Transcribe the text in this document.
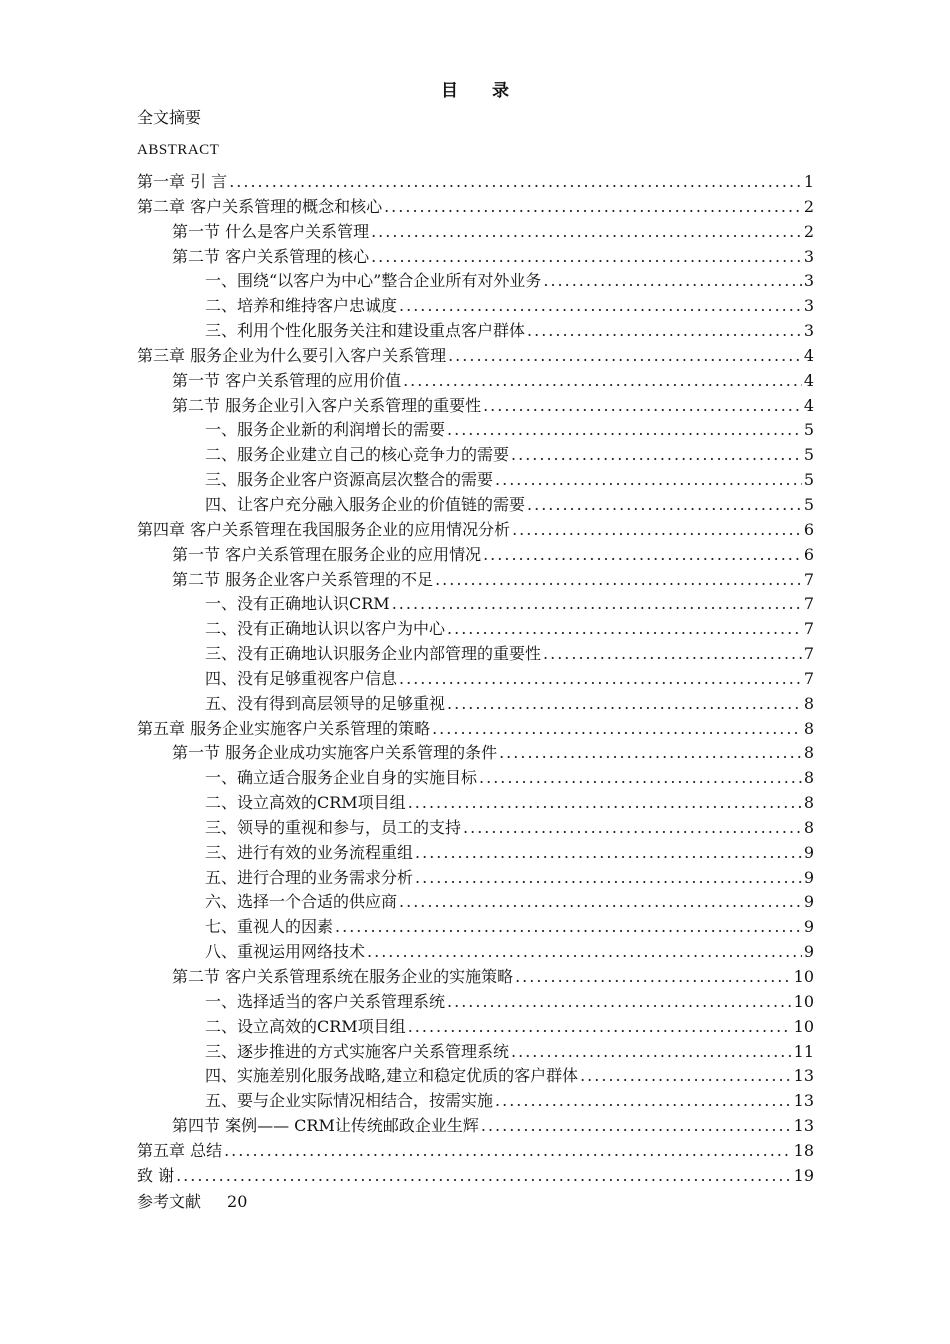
目 录
全文摘要
ABSTRACT
第一章 引 言 .....	1
第二章 客户关系管理的概念和核心 .....	2
第一节 什么是客户关系管理 .....	2
第二节 客户关系管理的核心 .....	3
一、围绕“以客户为中心”整合企业所有对外业务 .....	3
二、培养和维持客户忠诚度 .....	3
三、利用个性化服务关注和建设重点客户群体 .....	3
第三章 服务企业为什么要引入客户关系管理 .....	4
第一节 客户关系管理的应用价值 .....	4
第二节 服务企业引入客户关系管理的重要性 .....	4
一、服务企业新的利润增长的需要 .....	5
二、服务企业建立自己的核心竞争力的需要 .....	5
三、服务企业客户资源高层次整合的需要 .....	5
四、让客户充分融入服务企业的价值链的需要 .....	5
第四章 客户关系管理在我国服务企业的应用情况分析 .....	6
第一节 客户关系管理在服务企业的应用情况 .....	6
第二节 服务企业客户关系管理的不足 .....	7
一、没有正确地认识CRM .....	7
二、没有正确地认识以客户为中心 .....	7
三、没有正确地认识服务企业内部管理的重要性 .....	7
四、没有足够重视客户信息 .....	7
五、没有得到高层领导的足够重视 .....	8
第五章 服务企业实施客户关系管理的策略 .....	8
第一节 服务企业成功实施客户关系管理的条件 .....	8
一、确立适合服务企业自身的实施目标 .....	8
二、设立高效的CRM项目组 .....	8
三、领导的重视和参与，员工的支持 .....	8
三、进行有效的业务流程重组 .....	9
五、进行合理的业务需求分析 .....	9
六、选择一个合适的供应商 .....	9
七、重视人的因素 .....	9
八、重视运用网络技术 .....	9
第二节 客户关系管理系统在服务企业的实施策略 .....	10
一、选择适当的客户关系管理系统 .....	10
二、设立高效的CRM项目组 .....	10
三、逐步推进的方式实施客户关系管理系统 .....	11
四、实施差别化服务战略,建立和稳定优质的客户群体 .....	13
五、要与企业实际情况相结合，按需实施 .....	13
第四节 案例—— CRM让传统邮政企业生辉 .....	13
第五章 总结 .....	18
致 谢 .....	19
参考文献 20
